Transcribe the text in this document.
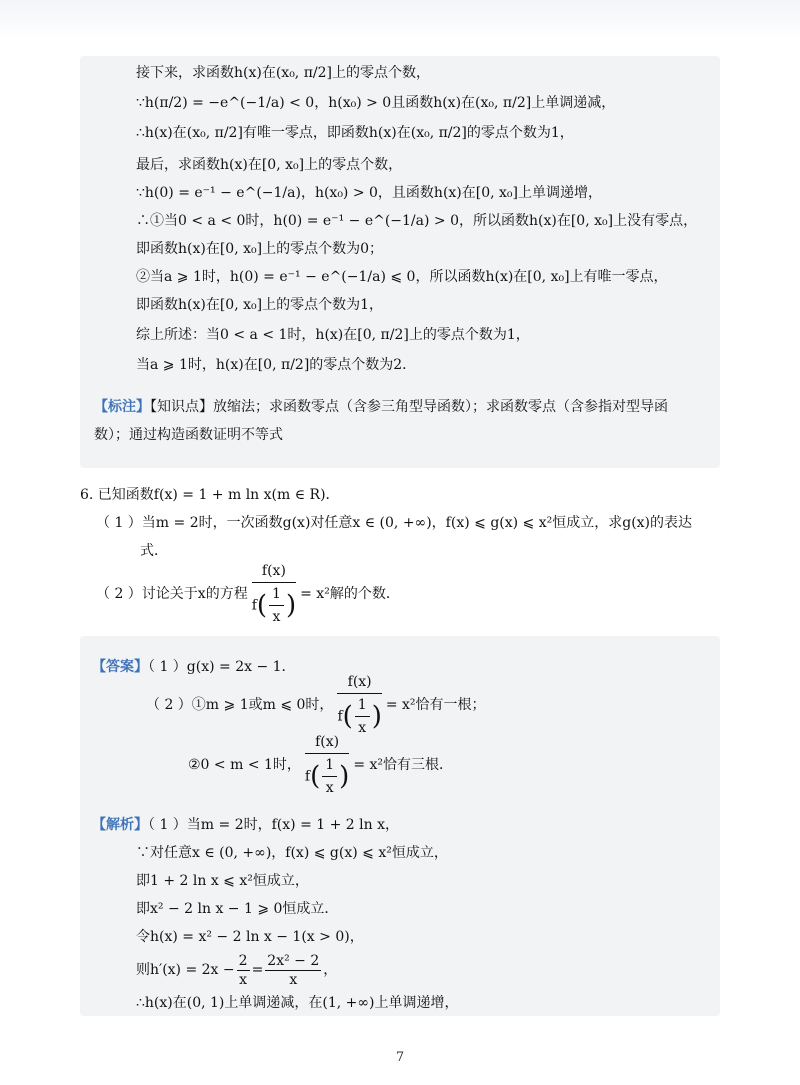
接下来，求函数h(x)在(x₀, π/2]上的零点个数，
∵h(π/2) = −e^(−1/a) < 0，h(x₀) > 0且函数h(x)在(x₀, π/2]上单调递减，
∴h(x)在(x₀, π/2]有唯一零点，即函数h(x)在(x₀, π/2]的零点个数为1，
最后，求函数h(x)在[0, x₀]上的零点个数，
∵h(0) = e⁻¹ − e^(−1/a)，h(x₀) > 0，且函数h(x)在[0, x₀]上单调递增，
∴①当0 < a < 0时，h(0) = e⁻¹ − e^(−1/a) > 0，所以函数h(x)在[0, x₀]上没有零点，
即函数h(x)在[0, x₀]上的零点个数为0；
②当a ⩾ 1时，h(0) = e⁻¹ − e^(−1/a) ⩽ 0，所以函数h(x)在[0, x₀]上有唯一零点，
即函数h(x)在[0, x₀]上的零点个数为1，
综上所述：当0 < a < 1时，h(x)在[0, π/2]上的零点个数为1，
当a ⩾ 1时，h(x)在[0, π/2]的零点个数为2．
【标注】【知识点】放缩法；求函数零点（含参三角型导函数）；求函数零点（含参指对型导函
数）；通过构造函数证明不等式
6. 已知函数f(x) = 1 + m ln x(m ∈ R)．
（ 1 ）当m = 2时，一次函数g(x)对任意x ∈ (0, +∞)，f(x) ⩽ g(x) ⩽ x²恒成立，求g(x)的表达
式．
（ 2 ）讨论关于x的方程 $\frac{f(x)}{f( \frac{1}{x} )} = x^2$解的个数．
【答案】（ 1 ）g(x) = 2x − 1．
（ 2 ）①m ⩾ 1或m ⩽ 0时， $\frac{f(x)}{f( \frac{1}{x} )} = x^2$恰有一根；
②0 < m < 1时， $\frac{f(x)}{f( \frac{1}{x} )} = x^2$恰有三根．
【解析】（ 1 ）当m = 2时，f(x) = 1 + 2 ln x，
∵对任意x ∈ (0, +∞)，f(x) ⩽ g(x) ⩽ x²恒成立，
即1 + 2 ln x ⩽ x²恒成立，
即x² − 2 ln x − 1 ⩾ 0恒成立．
令h(x) = x² − 2 ln x − 1(x > 0)，
则$h'(x) = 2x - \frac{2}{x} = \frac{\text{2x² − 2}}{x}$ ，
∴h(x)在(0, 1)上单调递减，在(1, +∞)上单调递增，
7
